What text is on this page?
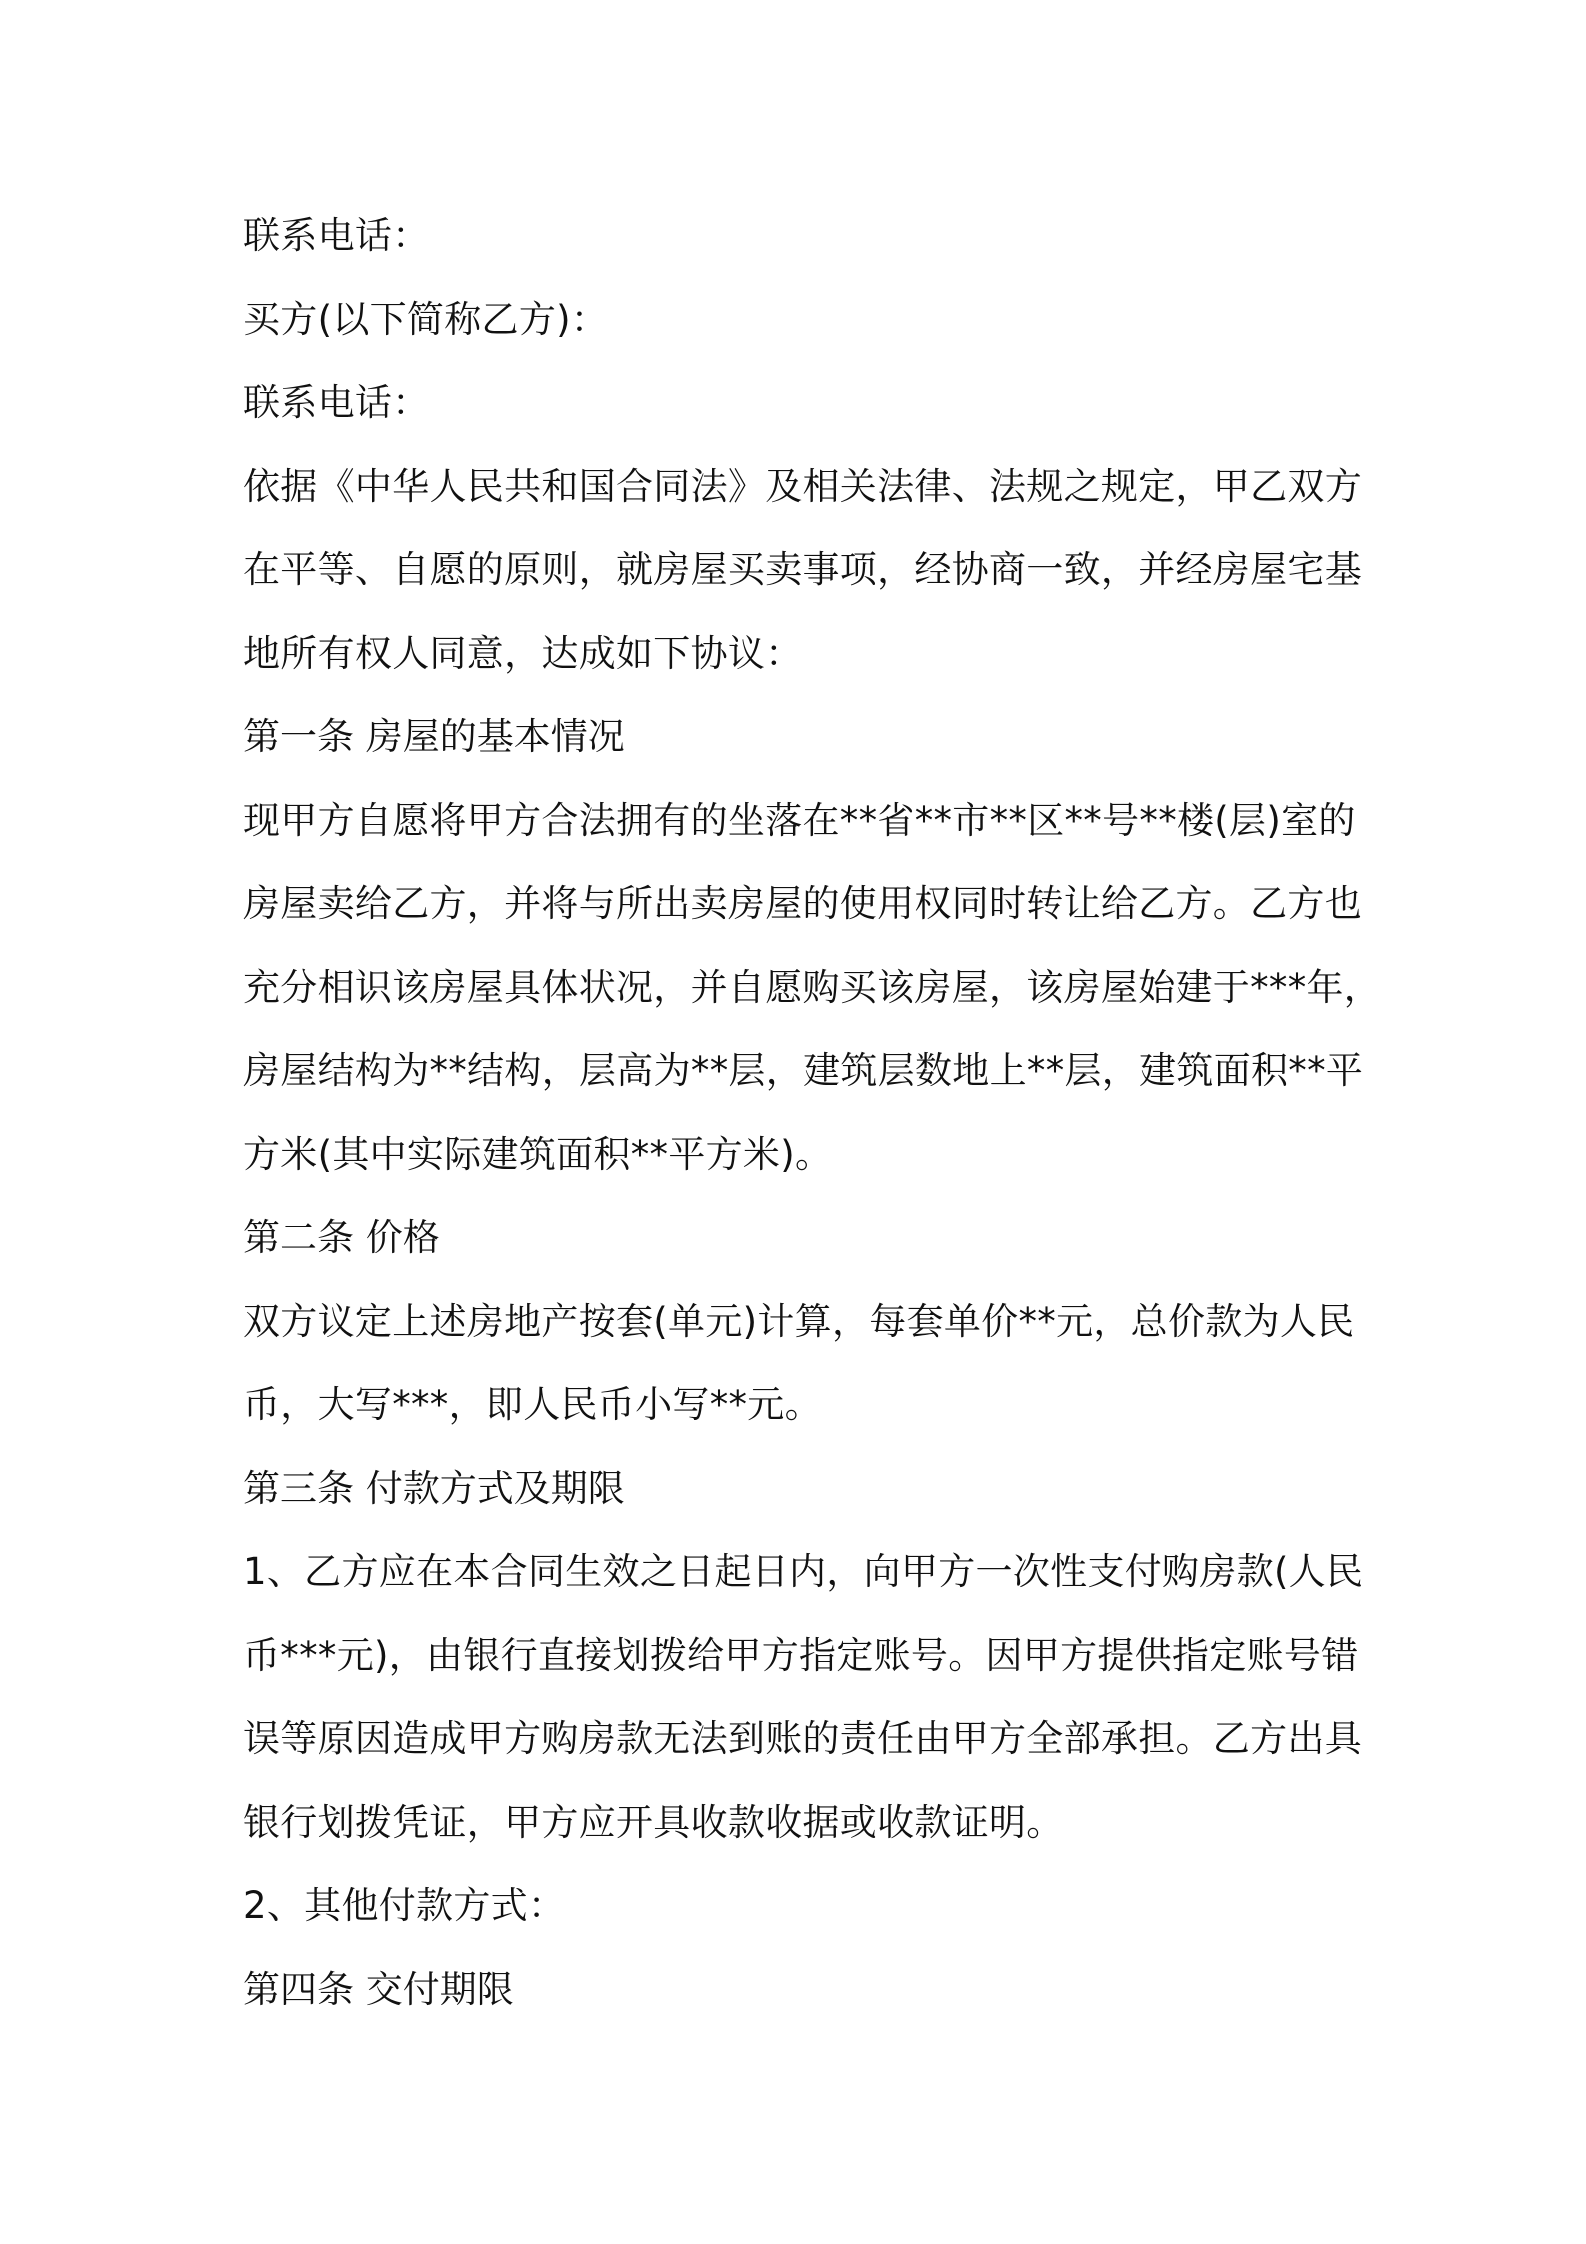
联系电话：
买方(以下简称乙方)：
联系电话：
依据《中华人民共和国合同法》及相关法律、法规之规定，甲乙双方
在平等、自愿的原则，就房屋买卖事项，经协商一致，并经房屋宅基
地所有权人同意，达成如下协议：
第一条 房屋的基本情况
现甲方自愿将甲方合法拥有的坐落在**省**市**区**号**楼(层)室的
房屋卖给乙方，并将与所出卖房屋的使用权同时转让给乙方。乙方也
充分相识该房屋具体状况，并自愿购买该房屋，该房屋始建于***年，
房屋结构为**结构，层高为**层，建筑层数地上**层，建筑面积**平
方米(其中实际建筑面积**平方米)。
第二条 价格
双方议定上述房地产按套(单元)计算，每套单价**元，总价款为人民
币，大写***，即人民币小写**元。
第三条 付款方式及期限
1、乙方应在本合同生效之日起日内，向甲方一次性支付购房款(人民
币***元)，由银行直接划拨给甲方指定账号。因甲方提供指定账号错
误等原因造成甲方购房款无法到账的责任由甲方全部承担。乙方出具
银行划拨凭证，甲方应开具收款收据或收款证明。
2、其他付款方式：
第四条 交付期限
